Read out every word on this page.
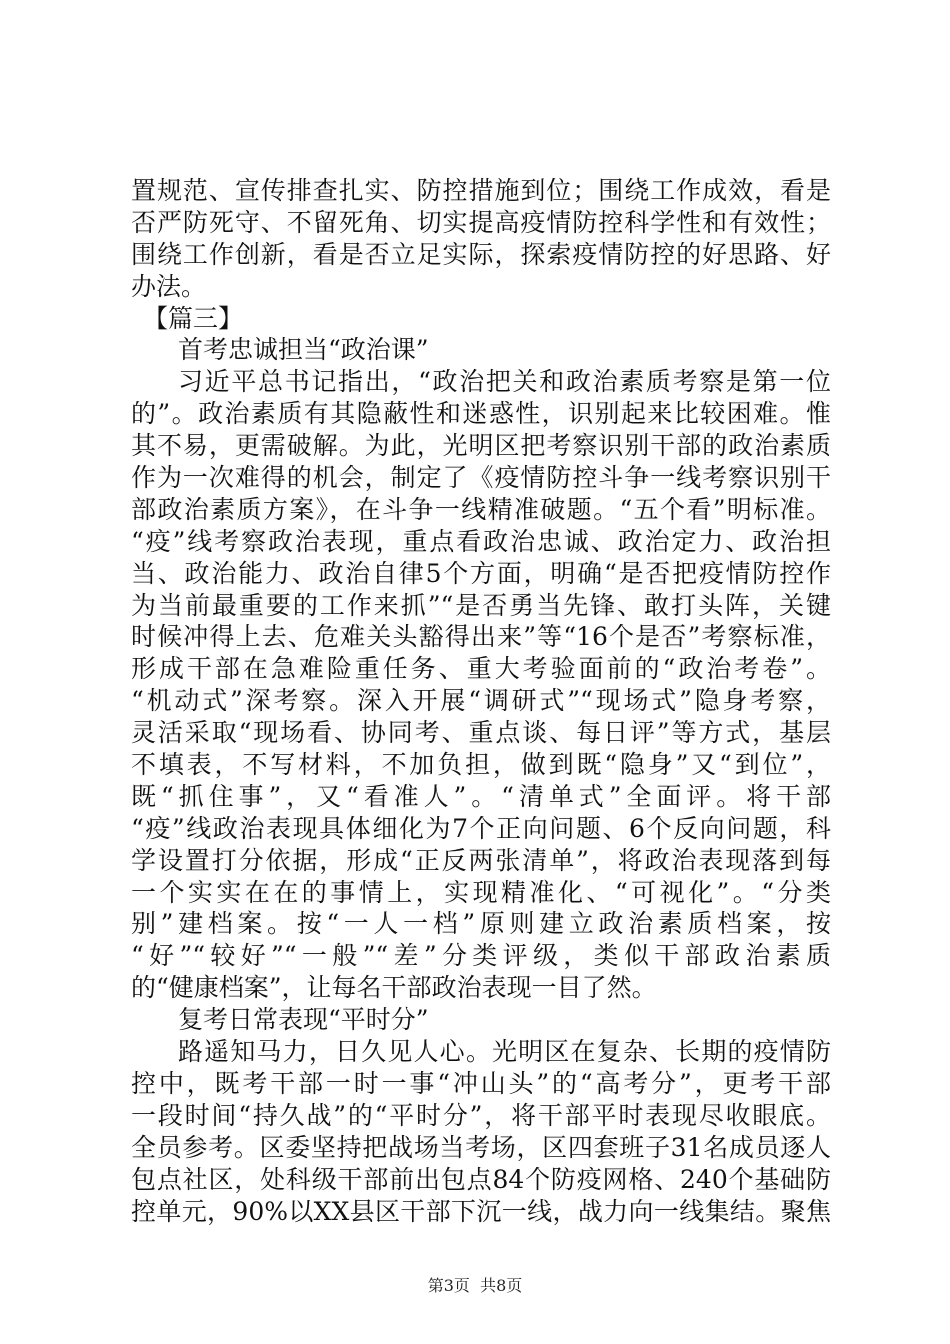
置规范、宣传排查扎实、防控措施到位；围绕工作成效，看是
否严防死守、不留死角、切实提高疫情防控科学性和有效性；
围绕工作创新，看是否立足实际，探索疫情防控的好思路、好
办法。
【篇三】
首考忠诚担当“政治课”
习近平总书记指出，“政治把关和政治素质考察是第一位
的”。政治素质有其隐蔽性和迷惑性，识别起来比较困难。惟
其不易，更需破解。为此，光明区把考察识别干部的政治素质
作为一次难得的机会，制定了《疫情防控斗争一线考察识别干
部政治素质方案》，在斗争一线精准破题。“五个看”明标准。
“疫”线考察政治表现，重点看政治忠诚、政治定力、政治担
当、政治能力、政治自律5个方面，明确“是否把疫情防控作
为当前最重要的工作来抓”“是否勇当先锋、敢打头阵，关键
时候冲得上去、危难关头豁得出来”等“16个是否”考察标准，
形成干部在急难险重任务、重大考验面前的“政治考卷”。
“机动式”深考察。深入开展“调研式”“现场式”隐身考察，
灵活采取“现场看、协同考、重点谈、每日评”等方式，基层
不填表，不写材料，不加负担，做到既“隐身”又“到位”，
既“抓住事”，又“看准人”。“清单式”全面评。将干部
“疫”线政治表现具体细化为7个正向问题、6个反向问题，科
学设置打分依据，形成“正反两张清单”，将政治表现落到每
一个实实在在的事情上，实现精准化、“可视化”。“分类
别”建档案。按“一人一档”原则建立政治素质档案，按
“好”“较好”“一般”“差”分类评级，类似干部政治素质
的“健康档案”，让每名干部政治表现一目了然。
复考日常表现“平时分”
路遥知马力，日久见人心。光明区在复杂、长期的疫情防
控中，既考干部一时一事“冲山头”的“高考分”，更考干部
一段时间“持久战”的“平时分”，将干部平时表现尽收眼底。
全员参考。区委坚持把战场当考场，区四套班子31名成员逐人
包点社区，处科级干部前出包点84个防疫网格、240个基础防
控单元，90%以XX县区干部下沉一线，战力向一线集结。聚焦
第3页  共8页
